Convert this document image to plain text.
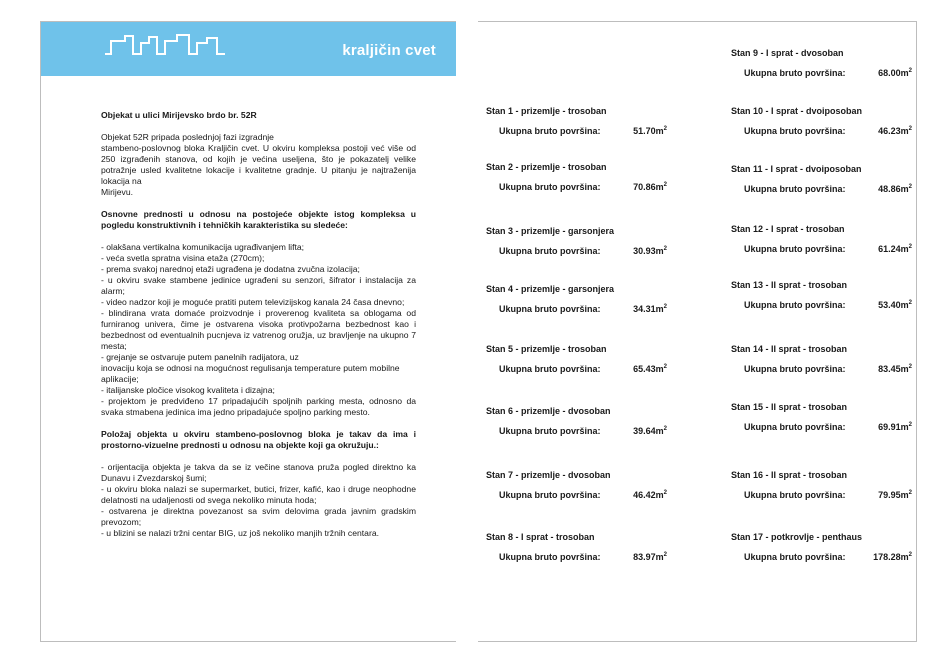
kraljičin cvet

Objekat u ulici Mirijevsko brdo br. 52R

Objekat 52R pripada poslednjoj fazi izgradnje

stambeno-poslovnog bloka Kraljičin cvet. U okviru kompleksa postoji već više od 250 izgrađenih stanova, od kojih je većina useljena, što je pokazatelj velike potražnje usled kvalitetne lokacije i kvalitetne gradnje. U pitanju je najtraženija lokacija na

Mirijevu.

Osnovne prednosti u odnosu na postojeće objekte istog kompleksa u pogledu konstruktivnih i tehničkih karakteristika su sledeće:

- olakšana vertikalna komunikacija ugrađivanjem lifta;

- veća svetla spratna visina etaža (270cm);

- prema svakoj narednoj etaži ugrađena je dodatna zvučna izolacija;

- u okviru svake stambene jedinice ugrađeni su senzori, šifrator i instalacija za alarm;

- video nadzor koji je moguće pratiti putem televizijskog kanala 24 časa dnevno;

- blindirana vrata domaće proizvodnje i proverenog kvaliteta sa oblogama od furniranog univera, čime je ostvarena visoka protivpožarna bezbednost kao i bezbednost od eventualnih pucnjeva iz vatrenog oružja, uz bravljenje na ukupno 7 mesta;

- grejanje se ostvaruje putem panelnih radijatora, uz

inovaciju koja se odnosi na mogućnost regulisanja temperature putem mobilne aplikacije;

- italijanske pločice visokog kvaliteta i dizajna;

- projektom je predviđeno 17 pripadajućih spoljnih parking mesta, odnosno da svaka stmabena jedinica ima jedno pripadajuće spoljno parking mesto.

Položaj objekta u okviru stambeno-poslovnog bloka je takav da ima i prostorno-vizuelne prednosti u odnosu na objekte koji ga okružuju.:

- orijentacija objekta je takva da se iz večine stanova pruža pogled direktno ka Dunavu i Zvezdarskoj šumi;

- u okviru bloka nalazi se supermarket, butici, frizer, kafić, kao i druge neophodne delatnosti na udaljenosti od svega nekoliko minuta hoda;

- ostvarena je direktna povezanost sa svim delovima grada javnim gradskim prevozom;

- u blizini se nalazi tržni centar BIG, uz još nekoliko manjih tržnih centara.

Stan 1 - prizemlje - trosoban
Ukupna bruto površina:	$51.70m^2$
Stan 2 - prizemlje - trosoban
Ukupna bruto površina:	$70.86m^2$
Stan 3 - prizemlje - garsonjera
Ukupna bruto površina:	$30.93m^2$
Stan 4 - prizemlje - garsonjera
Ukupna bruto površina:	$34.31m^2$
Stan 5 - prizemlje - trosoban
Ukupna bruto površina:	$65.43m^2$
Stan 6 - prizemlje - dvosoban
Ukupna bruto površina:	$39.64m^2$
Stan 7 - prizemlje - dvosoban
Ukupna bruto površina:	$46.42m^2$
Stan 8 - I sprat - trosoban
Ukupna bruto površina:	$83.97m^2$
Stan 9 - I sprat - dvosoban
Ukupna bruto površina:	$68.00m^2$
Stan 10 - I sprat - dvoiposoban
Ukupna bruto površina:	$46.23m^2$
Stan 11 - I sprat - dvoiposoban
Ukupna bruto površina:	$48.86m^2$
Stan 12 - I sprat - trosoban
Ukupna bruto površina:	$61.24m^2$
Stan 13 - II sprat - trosoban
Ukupna bruto površina:	$53.40m^2$
Stan 14 - II sprat - trosoban
Ukupna bruto površina:	$83.45m^2$
Stan 15 - II sprat - trosoban
Ukupna bruto površina:	$69.91m^2$
Stan 16 - II sprat - trosoban
Ukupna bruto površina:	$79.95m^2$
Stan 17 - potkrovlje - penthaus
Ukupna bruto površina:	$178.28m^2$
